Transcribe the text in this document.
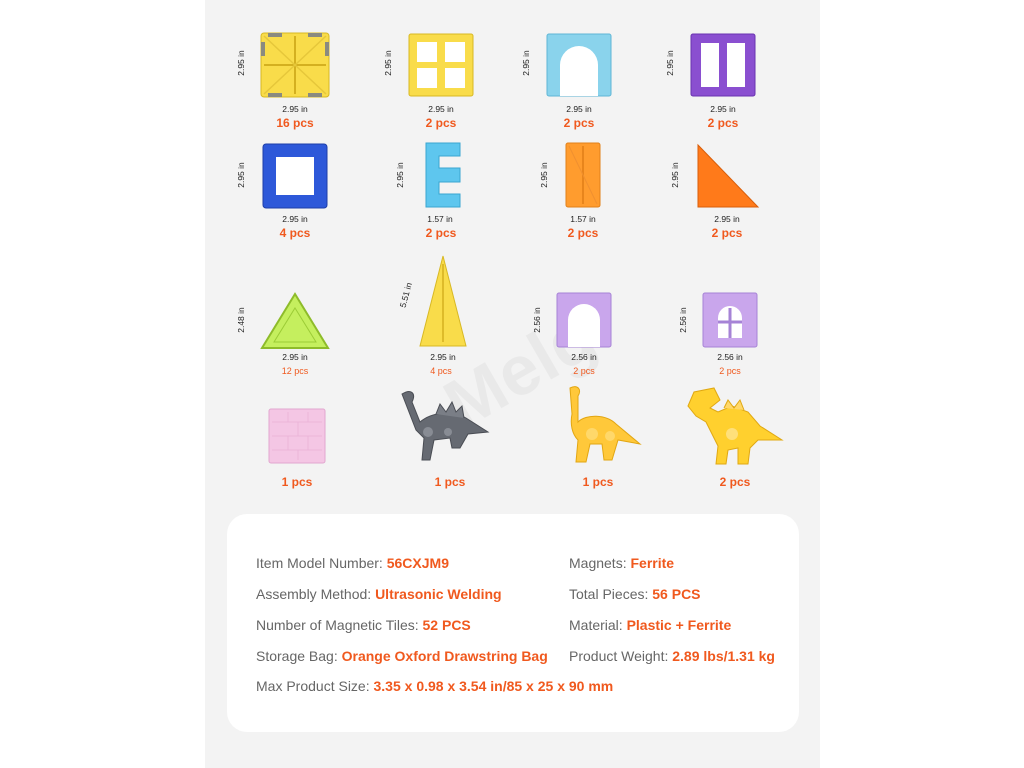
2.95 in
2.95 in
16 pcs
2.95 in
2.95 in
2 pcs
2.95 in
2.95 in
2 pcs
2.95 in
2.95 in
2 pcs
2.95 in
2.95 in
4 pcs
2.95 in
1.57 in
2 pcs
2.95 in
1.57 in
2 pcs
2.95 in
2.95 in
2 pcs
2.48 in
2.95 in
12 pcs
5.51 in
2.95 in
4 pcs
2.56 in
2.56 in
2 pcs
2.56 in
2.56 in
2 pcs
1 pcs	1 pcs	1 pcs	2 pcs
Item Model Number: 56CXJM9	Magnets: Ferrite
Assembly Method: Ultrasonic Welding	Total Pieces: 56 PCS
Number of Magnetic Tiles: 52 PCS	Material: Plastic + Ferrite
Storage Bag: Orange Oxford Drawstring Bag Product Weight: 2.89 lbs/1.31 kg
Max Product Size: 3.35 x 0.98 x 3.54 in/85 x 25 x 90 mm
